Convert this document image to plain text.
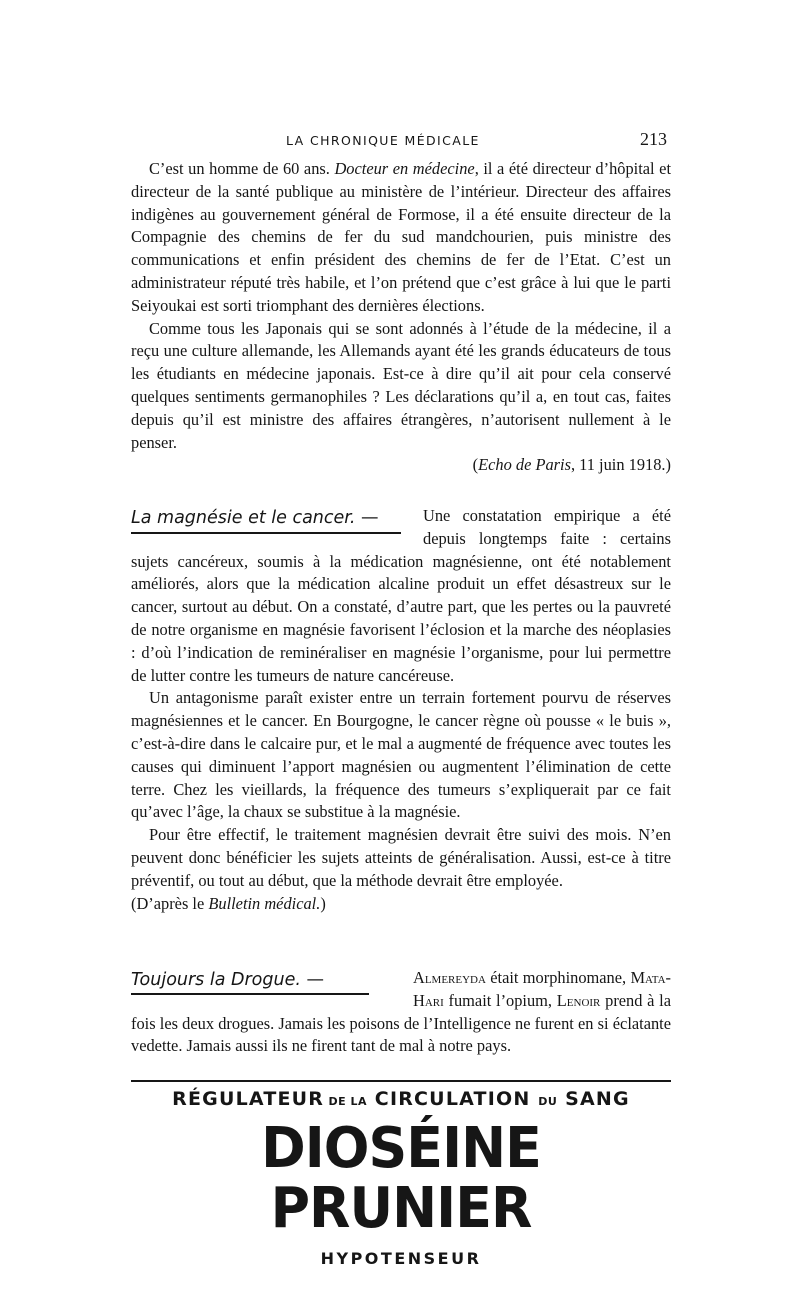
LA CHRONIQUE MÉDICALE	213

C’est un homme de 60 ans. Docteur en médecine, il a été directeur d’hôpital et directeur de la santé publique au ministère de l’intérieur. Directeur des affaires indigènes au gouvernement général de Formose, il a été ensuite directeur de la Compagnie des chemins de fer du sud mandchourien, puis ministre des communications et enfin président des chemins de fer de l’Etat. C’est un administrateur réputé très habile, et l’on prétend que c’est grâce à lui que le parti Seiyoukai est sorti triomphant des dernières élections.

Comme tous les Japonais qui se sont adonnés à l’étude de la médecine, il a reçu une culture allemande, les Allemands ayant été les grands éducateurs de tous les étudiants en médecine japonais. Est-ce à dire qu’il ait pour cela conservé quelques sentiments germanophiles ? Les déclarations qu’il a, en tout cas, faites depuis qu’il est ministre des affaires étrangères, n’autorisent nullement à le penser.

(Echo de Paris, 11 juin 1918.)

La magnésie et le cancer. —	Une constatation empirique a été depuis longtemps faite : certains sujets cancéreux, soumis à la médication magnésienne, ont été notablement améliorés, alors que la médication alcaline produit un effet désastreux sur le cancer, surtout au début. On a constaté, d’autre part, que les pertes ou la pauvreté de notre organisme en magnésie favorisent l’éclosion et la marche des néoplasies : d’où l’indication de reminéraliser en magnésie l’organisme, pour lui permettre de lutter contre les tumeurs de nature cancéreuse.

Un antagonisme paraît exister entre un terrain fortement pourvu de réserves magnésiennes et le cancer. En Bourgogne, le cancer règne où pousse « le buis », c’est-à-dire dans le calcaire pur, et le mal a augmenté de fréquence avec toutes les causes qui diminuent l’apport magnésien ou augmentent l’élimination de cette terre. Chez les vieillards, la fréquence des tumeurs s’expliquerait par ce fait qu’avec l’âge, la chaux se substitue à la magnésie.

Pour être effectif, le traitement magnésien devrait être suivi des mois. N’en peuvent donc bénéficier les sujets atteints de généralisation. Aussi, est-ce à titre préventif, ou tout au début, que la méthode devrait être employée.

(D’après le Bulletin médical.)

Toujours la Drogue. —	Almereyda était morphinomane, Mata-Hari fumait l’opium, Lenoir prend à la fois les deux drogues. Jamais les poisons de l’Intelligence ne furent en si éclatante vedette. Jamais aussi ils ne firent tant de mal à notre pays.

RÉGULATEUR DE LA CIRCULATION DU SANG
DIOSÉINE PRUNIER
HYPOTENSEUR
